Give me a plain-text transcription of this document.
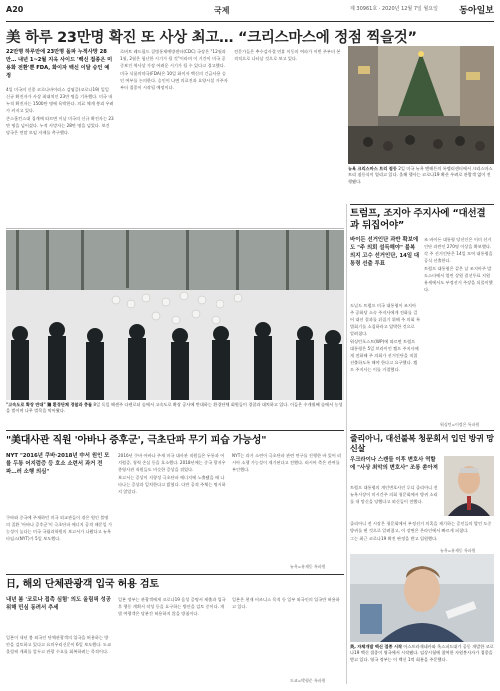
A20	국제	제 30961호 · 2020년 12월 7일 월요일 동아일보
美 하루 23만명 확진 또 사상 최고… “크리스마스에 정점 찍을것”
22만명 하루만에 23만명 돌파 누적사망 28만… 내년 1~2월 지옥 사이드 '백신 접종은 미용화 전환'뿐 FDA, 화이자 백신 이달 승인 예정

4일 미국의 신종 코로나바이러스 감염증(코로나19) 일일 신규 확진자가 사상 최대치인 23만 명을 기록했다. 미국 내 누적 확진자는 1500만 명에 육박한다. 의료 체계 붕괴 우려가 커지고 있다.

존스홉킨스대 집계에 따르면 이날 미국의 신규 확진자는 23만 명을 넘어섰다. 누적 사망자는 28만 명을 넘었다. 보건 당국은 연말 모임 자제를 촉구했다.

로버트 레드필드 질병통제예방센터(CDC) 국장은 "12월과 1월, 2월은 험난한 시기가 될 것"이라며 이 기간이 미국 공중보건 역사상 가장 어려운 시기가 될 수 있다고 경고했다.

미국 식품의약국(FDA)은 10일 화이자 백신의 긴급사용 승인 여부를 논의한다. 승인이 나면 의료진과 요양시설 거주자부터 접종이 시작될 예정이다.

전문가들은 추수감사절 연휴 이동의 여파가 이번 주부터 본격적으로 나타날 것으로 보고 있다.

뉴욕 크리스마스 트리 점등 2일 미국 뉴욕 맨해튼의 록펠러센터에서 크리스마스트리 점등식이 열리고 있다. 올해 행사는 코로나19 확산 우려로 관람객 없이 진행됐다.
"고속도로 확장 반대" 獨 환경단체 경찰과 충돌 8일 독일 헤센주 다넨로더 숲에서 고속도로 확장 공사에 반대하는 환경단체 회원들이 경찰과 대치하고 있다. 이들은 수개월째 숲에서 농성을 벌이며 나무 벌목을 막아왔다.
트럼프, 조지아 주지사에 “대선결과 뒤집어야”
바이든 선거인단 과반 확보에도 "주 의회 설득해야" 불복 의지 고수 선거인단, 14일 대통령 선출 투표

도널드 트럼프 미국 대통령이 조지아주 공화당 소속 주지사에게 전화를 걸어 대선 결과를 뒤집기 위해 주 의회 특별회기를 소집하라고 압박한 것으로 알려졌다.

워싱턴포스트(WP)에 따르면 트럼프 대통령은 5일 브라이언 켐프 주지사에게 전화해 주 의회가 선거인단을 직접 선출하도록 해야 한다고 요구했다. 켐프 주지사는 이를 거절했다.

조 바이든 대통령 당선인은 이미 선거인단 과반인 270명 이상을 확보했다. 각 주 선거인단은 14일 모여 대통령을 공식 선출한다.

트럼프 대통령은 같은 날 조지아주 발도스타에서 열린 상원 결선투표 지원 유세에서도 부정선거 주장을 되풀이했다.

워싱턴=이정은 특파원
줄리아니, 대선불복 청문회서 입던 방귀 망신살
우크라이나 스캔들 이후 변호사 역할에 "사상 최악의 변호사" 조롱 쏟아져

트럼프 대통령의 개인변호사인 루디 줄리아니 전 뉴욕시장이 미시간주 의회 청문회에서 방귀 소리를 내 망신을 당했다고 외신들이 전했다.

줄리아니 전 시장은 청문회에서 부정선거 의혹을 제기하는 증인들의 발언 도중 방귀를 뀐 것으로 알려졌고, 이 장면은 온라인에서 빠르게 퍼졌다.

그는 최근 코로나19 확진 판정을 받고 입원했다.

뉴욕=유재동 특파원
"美대사관 직원 '아바나 증후군', 극초단파 무기 피습 가능성"
NYT "2016년 쿠바·2018년 中서 원인 모를 두통 어지럼증 등 호소 소련서 과거 전파…러 소행 의심"

쿠바와 중국에 주재하던 미국 외교관들이 겪은 원인 불명의 질환 '아바나 증후군'이 극초단파 에너지 공격 때문일 가능성이 높다는 미국 국립과학원의 보고서가 나왔다고 뉴욕타임스(NYT)가 5일 보도했다.

2016년 쿠바 아바나 주재 미국 대사관 직원들은 두통과 어지럼증, 청력 손실 등을 호소했다. 2018년에는 중국 광저우 총영사관 직원들도 비슷한 증상을 겪었다.

보고서는 증상이 지향성 극초단파 에너지에 노출됐을 때 나타나는 증상과 일치한다고 밝혔다. 다만 공격 주체는 명시하지 않았다.

NYT는 과거 소련이 극초단파 관련 연구를 진행한 바 있어 러시아 소행 가능성이 제기된다고 전했다. 러시아 측은 관여를 부인했다.

뉴욕=유재동 특파원
日, 해외 단체관광객 입국 허용 검토
내년 봄 '코로나 접촉 심험' 의도 올림픽 성공 위해 민심 동려서 추세

일본이 내년 봄 외국인 단체관광객의 입국을 허용하는 방안을 검토하고 있다고 요미우리신문이 6일 보도했다. 도쿄 올림픽 개최를 앞두고 관광 수요를 회복하려는 목적이다.

일본 정부는 관광객에게 코로나19 음성 증명서 제출과 입국 후 행동 계획서 작성 등을 요구하는 방안을 검토 중이다. 개별 여행객은 당분간 허용하지 않을 방침이다.

일본은 현재 비즈니스 목적 등 일부 외국인의 입국만 허용하고 있다.

도쿄=박형준 특파원
英, 자체개발 백신 접종 시작 아스트라제네카와 옥스퍼드대가 공동 개발한 코로나19 백신 접종이 영국에서 시작됐다. 임상시험에 참여한 자원봉사자가 접종을 받고 있다. 영국 정부는 이 백신 1억 회분을 주문했다.
